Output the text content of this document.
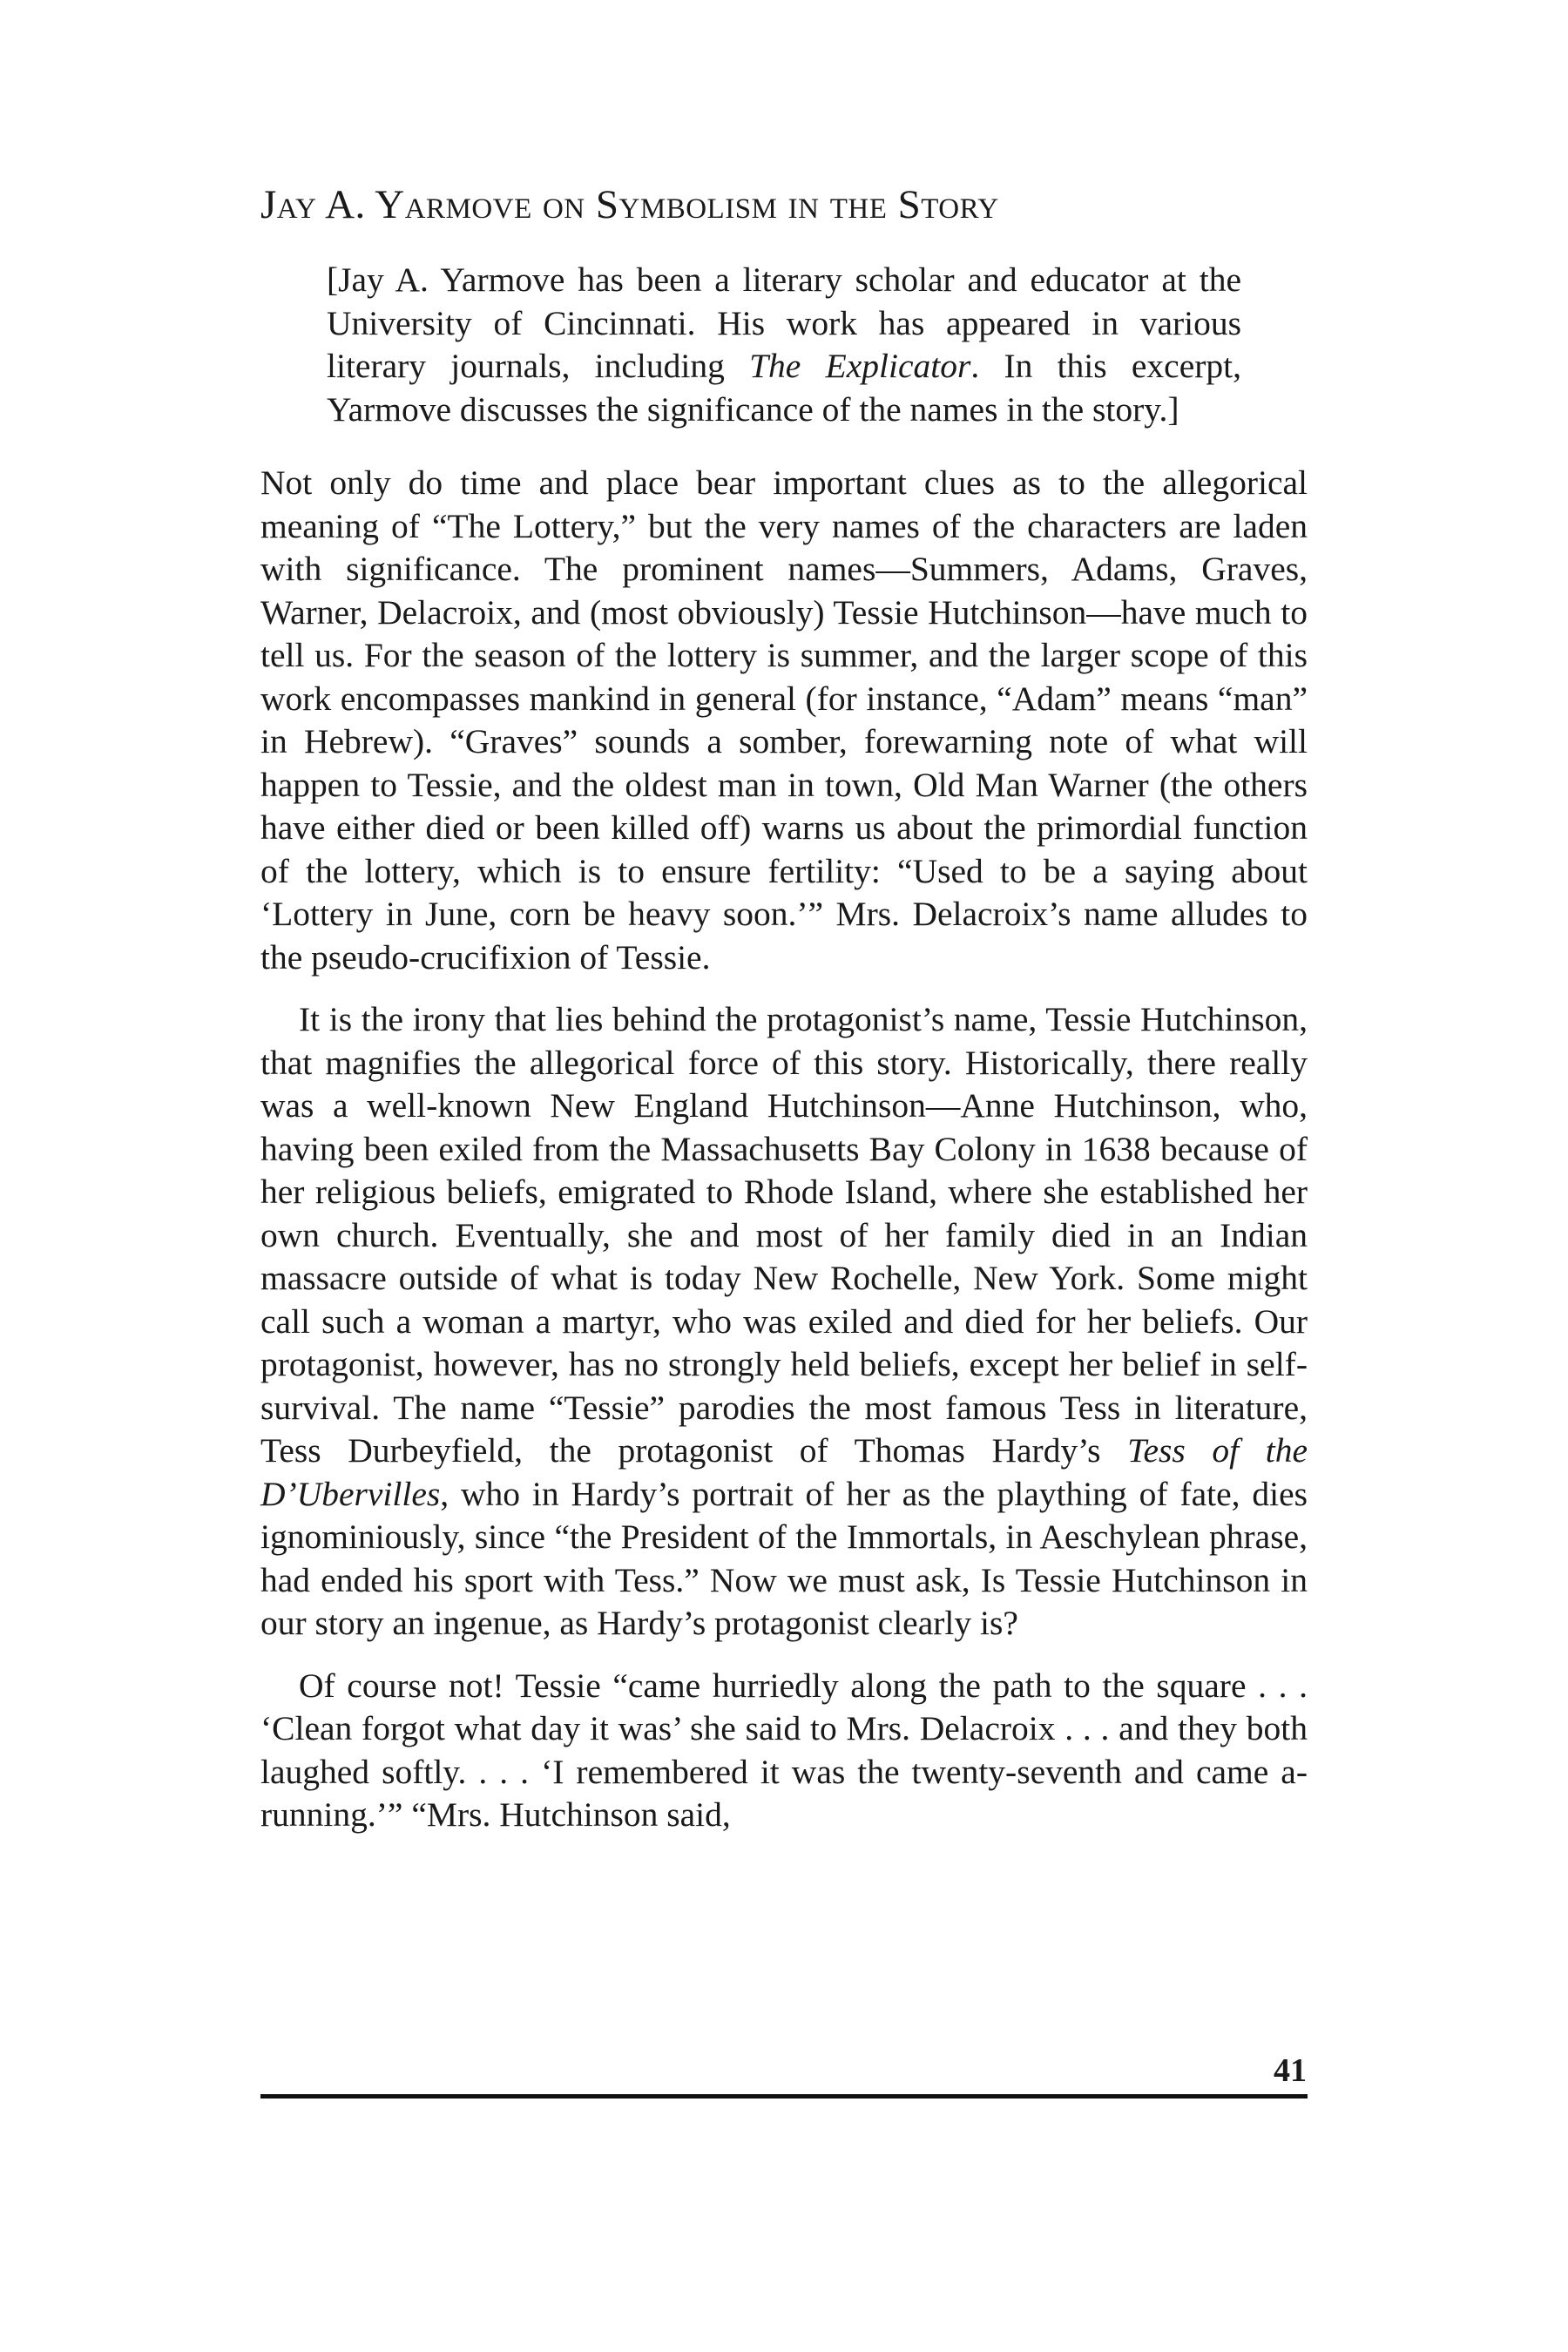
Jay A. Yarmove on Symbolism in the Story

[Jay A. Yarmove has been a literary scholar and educator at the University of Cincinnati. His work has appeared in various literary journals, including The Explicator. In this excerpt, Yarmove discusses the significance of the names in the story.]

Not only do time and place bear important clues as to the allegorical meaning of “The Lottery,” but the very names of the characters are laden with significance. The prominent names—Summers, Adams, Graves, Warner, Delacroix, and (most obviously) Tessie Hutchinson—have much to tell us. For the season of the lottery is summer, and the larger scope of this work encompasses mankind in general (for instance, “Adam” means “man” in Hebrew). “Graves” sounds a somber, forewarning note of what will happen to Tessie, and the oldest man in town, Old Man Warner (the others have either died or been killed off) warns us about the primordial function of the lottery, which is to ensure fertility: “Used to be a saying about ‘Lottery in June, corn be heavy soon.’” Mrs. Delacroix’s name alludes to the pseudo-crucifixion of Tessie.

It is the irony that lies behind the protagonist’s name, Tessie Hutchinson, that magnifies the allegorical force of this story. Historically, there really was a well-known New England Hutchinson—Anne Hutchinson, who, having been exiled from the Massachusetts Bay Colony in 1638 because of her religious beliefs, emigrated to Rhode Island, where she established her own church. Eventually, she and most of her family died in an Indian massacre outside of what is today New Rochelle, New York. Some might call such a woman a martyr, who was exiled and died for her beliefs. Our protagonist, however, has no strongly held beliefs, except her belief in self-survival. The name “Tessie” parodies the most famous Tess in literature, Tess Durbeyfield, the protagonist of Thomas Hardy’s Tess of the D’Ubervilles, who in Hardy’s portrait of her as the plaything of fate, dies ignominiously, since “the President of the Immortals, in Aeschylean phrase, had ended his sport with Tess.” Now we must ask, Is Tessie Hutchinson in our story an ingenue, as Hardy’s protagonist clearly is?

Of course not! Tessie “came hurriedly along the path to the square . . . ‘Clean forgot what day it was’ she said to Mrs. Delacroix . . . and they both laughed softly. . . . ‘I remembered it was the twenty-seventh and came a-running.’” “Mrs. Hutchinson said,

41
